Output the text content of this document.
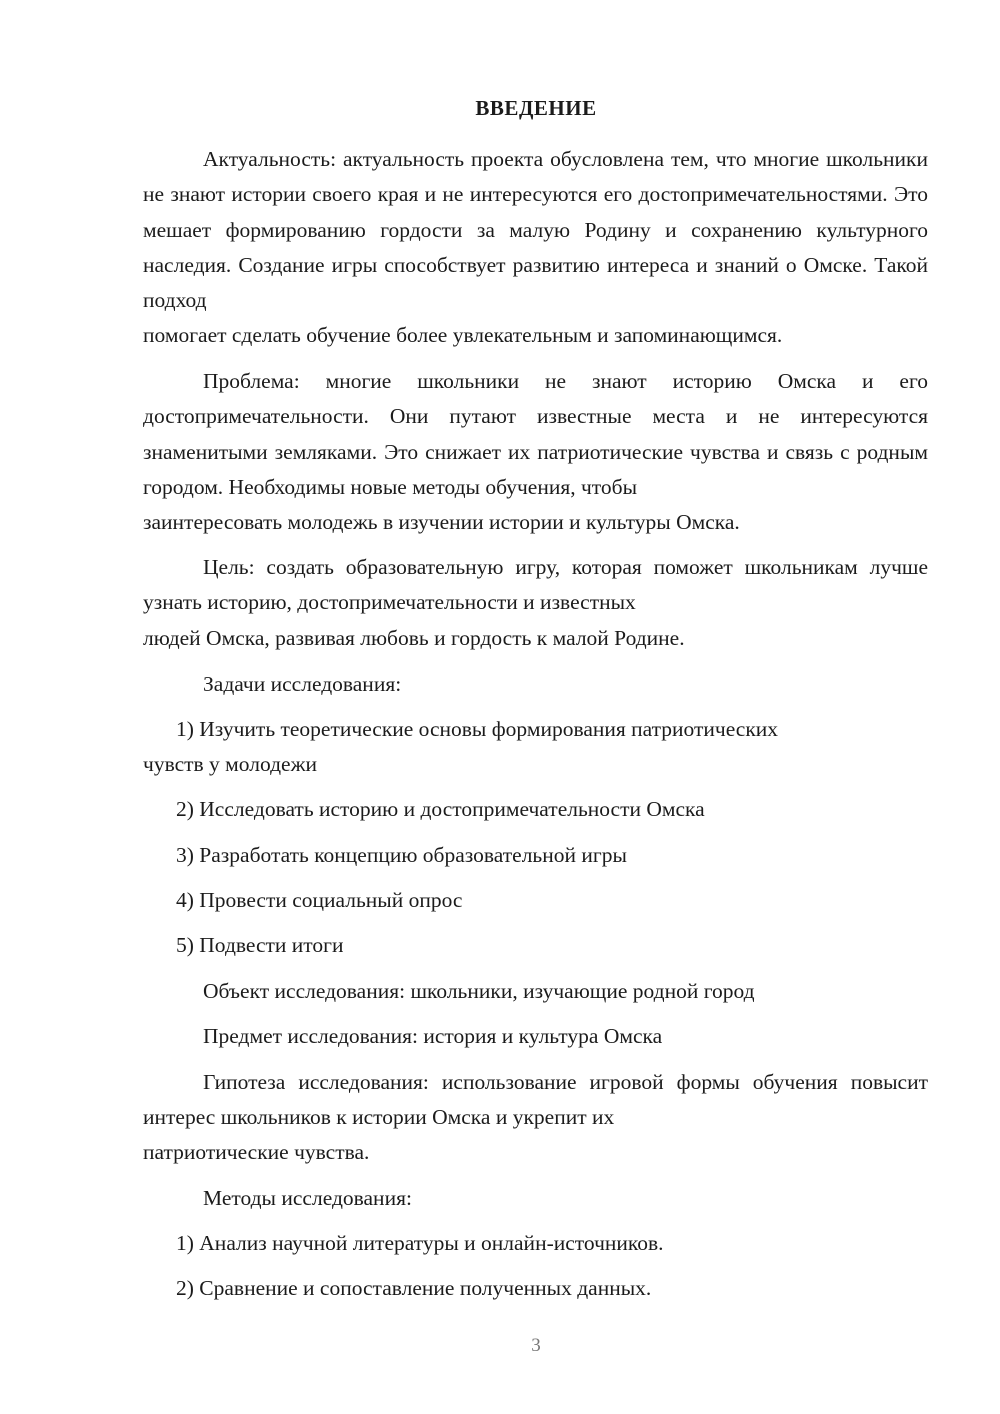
ВВЕДЕНИЕ
Актуальность: актуальность проекта обусловлена тем, что многие школьники не знают истории своего края и не интересуются его достопримечательностями. Это мешает формированию гордости за малую Родину и сохранению культурного наследия. Создание игры способствует развитию интереса и знаний о Омске. Такой подход
помогает сделать обучение более увлекательным и запоминающимся.
Проблема: многие школьники не знают историю Омска и его достопримечательности. Они путают известные места и не интересуются знаменитыми земляками. Это снижает их патриотические чувства и связь с родным городом. Необходимы новые методы обучения, чтобы
заинтересовать молодежь в изучении истории и культуры Омска.
Цель: создать образовательную игру, которая поможет школьникам лучше узнать историю, достопримечательности и известных
людей Омска, развивая любовь и гордость к малой Родине.
Задачи исследования:
1) Изучить теоретические основы формирования патриотических
чувств у молодежи
2) Исследовать историю и достопримечательности Омска
3) Разработать концепцию образовательной игры
4) Провести социальный опрос
5) Подвести итоги
Объект исследования: школьники, изучающие родной город
Предмет исследования: история и культура Омска
Гипотеза исследования: использование игровой формы обучения повысит интерес школьников к истории Омска и укрепит их
патриотические чувства.
Методы исследования:
1) Анализ научной литературы и онлайн-источников.
2) Сравнение и сопоставление полученных данных.
3
